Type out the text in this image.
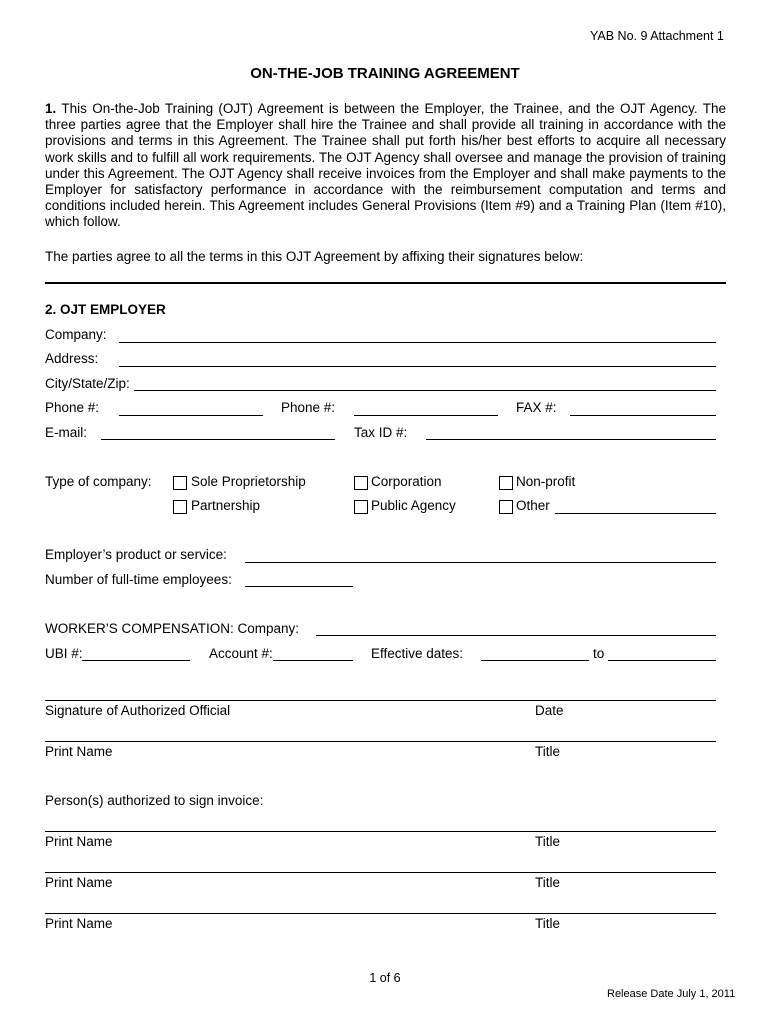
YAB No. 9 Attachment 1
ON-THE-JOB TRAINING AGREEMENT
1. This On-the-Job Training (OJT) Agreement is between the Employer, the Trainee, and the OJT Agency. The three parties agree that the Employer shall hire the Trainee and shall provide all training in accordance with the provisions and terms in this Agreement. The Trainee shall put forth his/her best efforts to acquire all necessary work skills and to fulfill all work requirements. The OJT Agency shall oversee and manage the provision of training under this Agreement. The OJT Agency shall receive invoices from the Employer and shall make payments to the Employer for satisfactory performance in accordance with the reimbursement computation and terms and conditions included herein. This Agreement includes General Provisions (Item #9) and a Training Plan (Item #10), which follow.
The parties agree to all the terms in this OJT Agreement by affixing their signatures below:
2. OJT EMPLOYER
Company:
Address:
City/State/Zip:
Phone #:	Phone #:	FAX #:
E-mail:	Tax ID #:
Type of company:	Sole Proprietorship	Corporation	Non-profit
Partnership	Public Agency	Other
Employer’s product or service:
Number of full-time employees:
WORKER’S COMPENSATION: Company:
UBI #:	Account #:	Effective dates:	to
Signature of Authorized Official	Date
Print Name	Title
Person(s) authorized to sign invoice:
Print Name	Title
Print Name	Title
Print Name	Title
1 of 6
Release Date July 1, 2011
